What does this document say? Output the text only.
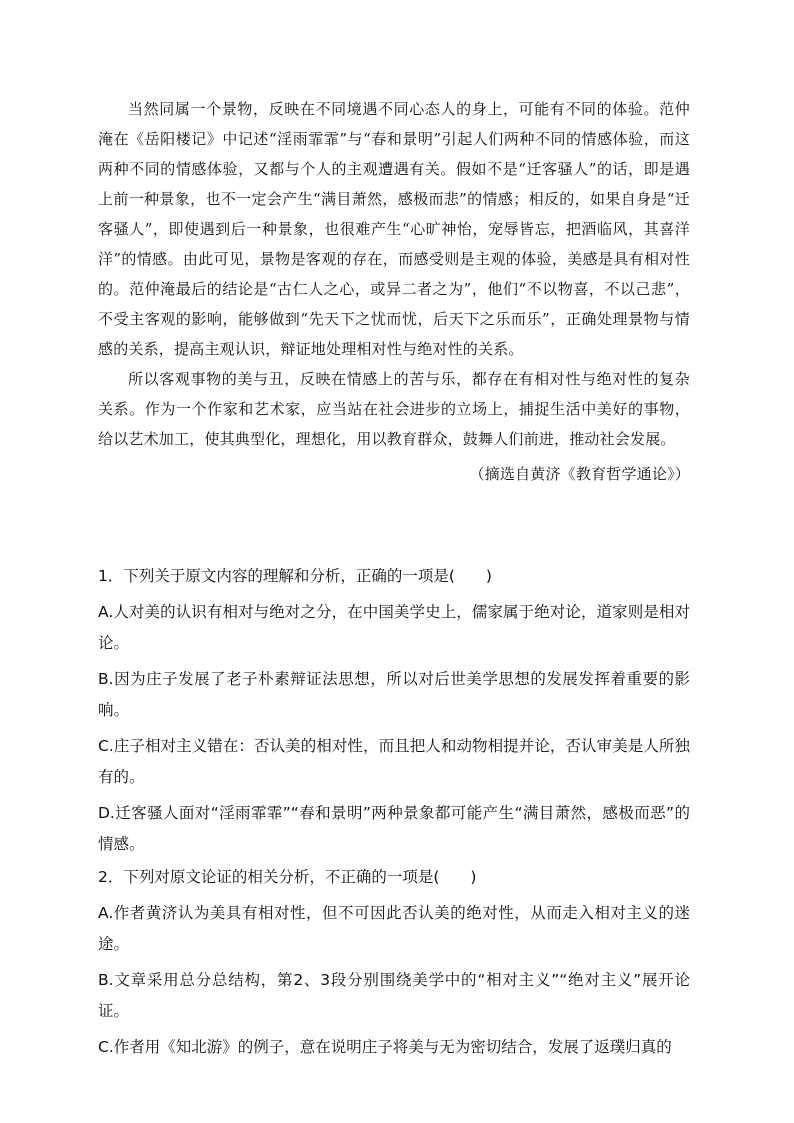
当然同属一个景物，反映在不同境遇不同心态人的身上，可能有不同的体验。范仲淹在《岳阳楼记》中记述“淫雨霏霏”与“春和景明”引起人们两种不同的情感体验，而这两种不同的情感体验，又都与个人的主观遭遇有关。假如不是“迁客骚人”的话，即是遇上前一种景象，也不一定会产生“满目萧然，感极而悲”的情感；相反的，如果自身是“迁客骚人”，即使遇到后一种景象，也很难产生“心旷神怡，宠辱皆忘，把酒临风，其喜洋洋”的情感。由此可见，景物是客观的存在，而感受则是主观的体验，美感是具有相对性的。范仲淹最后的结论是“古仁人之心，或异二者之为”，他们“不以物喜，不以己悲”，不受主客观的影响，能够做到“先天下之忧而忧，后天下之乐而乐”，正确处理景物与情感的关系，提高主观认识，辩证地处理相对性与绝对性的关系。

所以客观事物的美与丑，反映在情感上的苦与乐，都存在有相对性与绝对性的复杂关系。作为一个作家和艺术家，应当站在社会进步的立场上，捕捉生活中美好的事物，给以艺术加工，使其典型化，理想化，用以教育群众，鼓舞人们前进，推动社会发展。

（摘选自黄济《教育哲学通论》）

1．下列关于原文内容的理解和分析，正确的一项是(　　)

A.人对美的认识有相对与绝对之分，在中国美学史上，儒家属于绝对论，道家则是相对论。

B.因为庄子发展了老子朴素辩证法思想，所以对后世美学思想的发展发挥着重要的影响。

C.庄子相对主义错在：否认美的相对性，而且把人和动物相提并论，否认审美是人所独有的。

D.迁客骚人面对“淫雨霏霏”“春和景明”两种景象都可能产生“满目萧然，感极而恶”的情感。

2．下列对原文论证的相关分析，不正确的一项是(　　)

A.作者黄济认为美具有相对性，但不可因此否认美的绝对性，从而走入相对主义的迷途。

B.文章采用总分总结构，第2、3段分别围绕美学中的“相对主义”“绝对主义”展开论证。

C.作者用《知北游》的例子，意在说明庄子将美与无为密切结合，发展了返璞归真的
